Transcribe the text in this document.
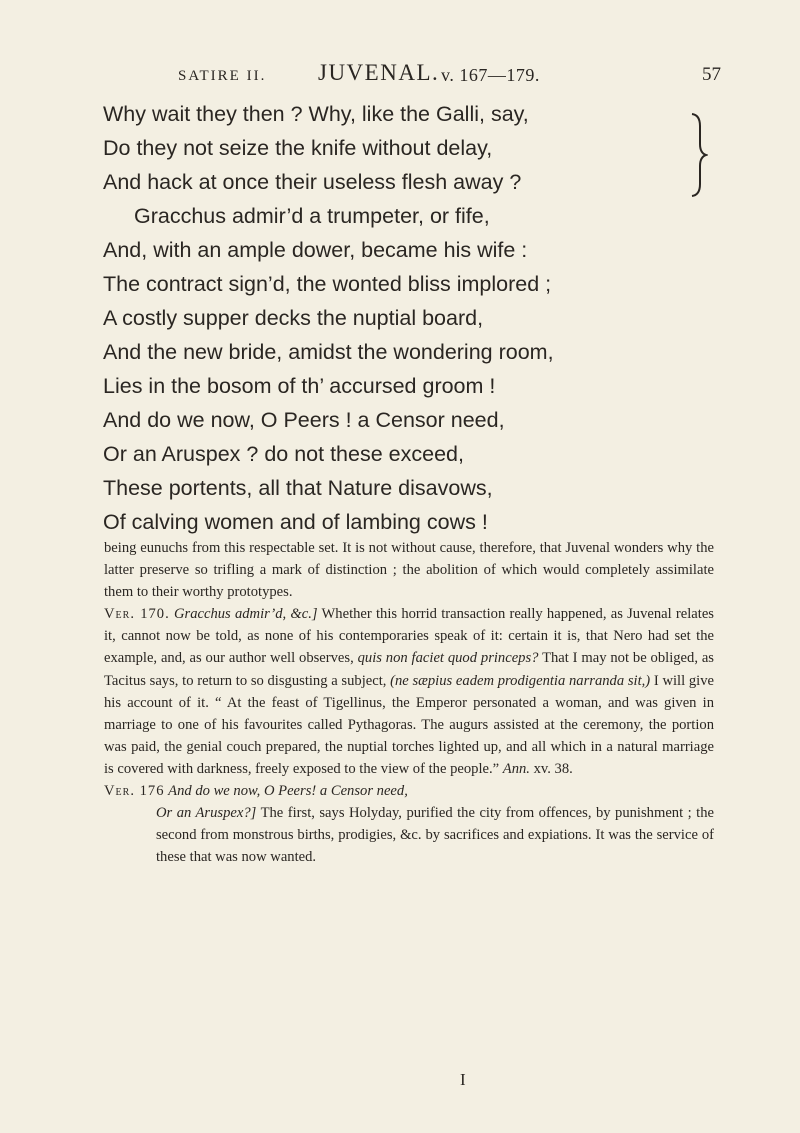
SATIRE II. JUVENAL. v. 167—179.	57
Why wait they then ? Why, like the Galli, say,
Do they not seize the knife without delay,
And hack at once their useless flesh away ?
Gracchus admir’d a trumpeter, or fife,
And, with an ample dower, became his wife :
The contract sign’d, the wonted bliss implored ;
A costly supper decks the nuptial board,
And the new bride, amidst the wondering room,
Lies in the bosom of th’ accursed groom !
And do we now, O Peers ! a Censor need,
Or an Aruspex ? do not these exceed,
These portents, all that Nature disavows,
Of calving women and of lambing cows !

being eunuchs from this respectable set. It is not without cause, therefore, that Juvenal wonders why the latter preserve so trifling a mark of distinction ; the abolition of which would completely assimilate them to their worthy prototypes.

Ver. 170. Gracchus admir’d, &c.] Whether this horrid transaction really happened, as Juvenal relates it, cannot now be told, as none of his contemporaries speak of it: certain it is, that Nero had set the example, and, as our author well observes, quis non faciet quod princeps? That I may not be obliged, as Tacitus says, to return to so disgusting a subject, (ne sæpius eadem prodigentia narranda sit,) I will give his account of it. “ At the feast of Tigellinus, the Emperor personated a woman, and was given in marriage to one of his favourites called Pythagoras. The augurs assisted at the ceremony, the portion was paid, the genial couch prepared, the nuptial torches lighted up, and all which in a natural marriage is covered with darkness, freely exposed to the view of the people.” Ann. xv. 38.

Ver. 176 And do we now, O Peers! a Censor need,

Or an Aruspex?] The first, says Holyday, purified the city from offences, by punishment ; the second from monstrous births, prodigies, &c. by sacrifices and expiations. It was the service of these that was now wanted.

I
